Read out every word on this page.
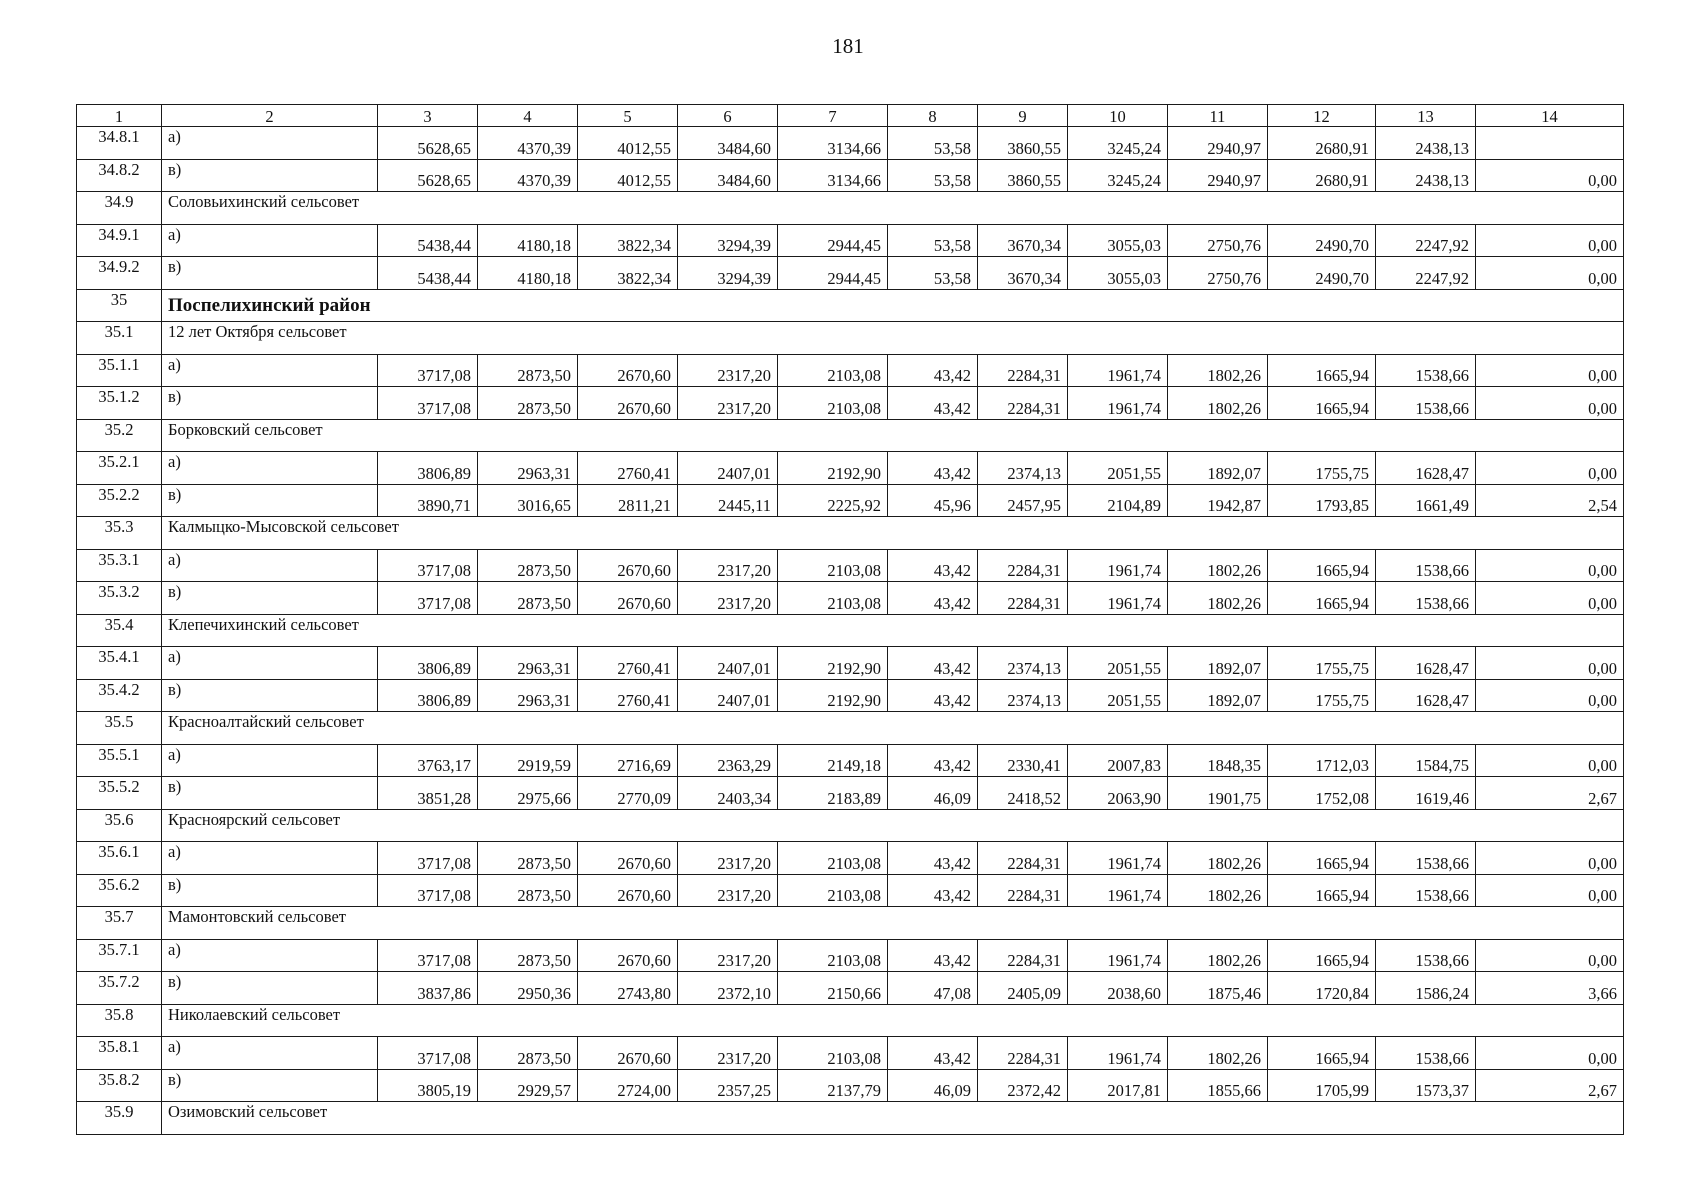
181
1	2	3	4	5	6	7	8	9	10	11	12	13	14
34.8.1	а)	5628,65	4370,39	4012,55	3484,60	3134,66	53,58	3860,55	3245,24	2940,97	2680,91	2438,13	
34.8.2	в)	5628,65	4370,39	4012,55	3484,60	3134,66	53,58	3860,55	3245,24	2940,97	2680,91	2438,13	0,00
34.9	Соловьихинский сельсовет												
34.9.1	а)	5438,44	4180,18	3822,34	3294,39	2944,45	53,58	3670,34	3055,03	2750,76	2490,70	2247,92	0,00
34.9.2	в)	5438,44	4180,18	3822,34	3294,39	2944,45	53,58	3670,34	3055,03	2750,76	2490,70	2247,92	0,00
35	Поспелихинский район												
35.1	12 лет Октября сельсовет												
35.1.1	а)	3717,08	2873,50	2670,60	2317,20	2103,08	43,42	2284,31	1961,74	1802,26	1665,94	1538,66	0,00
35.1.2	в)	3717,08	2873,50	2670,60	2317,20	2103,08	43,42	2284,31	1961,74	1802,26	1665,94	1538,66	0,00
35.2	Борковский сельсовет												
35.2.1	а)	3806,89	2963,31	2760,41	2407,01	2192,90	43,42	2374,13	2051,55	1892,07	1755,75	1628,47	0,00
35.2.2	в)	3890,71	3016,65	2811,21	2445,11	2225,92	45,96	2457,95	2104,89	1942,87	1793,85	1661,49	2,54
35.3	Калмыцко-Мысовской сельсовет												
35.3.1	а)	3717,08	2873,50	2670,60	2317,20	2103,08	43,42	2284,31	1961,74	1802,26	1665,94	1538,66	0,00
35.3.2	в)	3717,08	2873,50	2670,60	2317,20	2103,08	43,42	2284,31	1961,74	1802,26	1665,94	1538,66	0,00
35.4	Клепечихинский сельсовет												
35.4.1	а)	3806,89	2963,31	2760,41	2407,01	2192,90	43,42	2374,13	2051,55	1892,07	1755,75	1628,47	0,00
35.4.2	в)	3806,89	2963,31	2760,41	2407,01	2192,90	43,42	2374,13	2051,55	1892,07	1755,75	1628,47	0,00
35.5	Красноалтайский сельсовет												
35.5.1	а)	3763,17	2919,59	2716,69	2363,29	2149,18	43,42	2330,41	2007,83	1848,35	1712,03	1584,75	0,00
35.5.2	в)	3851,28	2975,66	2770,09	2403,34	2183,89	46,09	2418,52	2063,90	1901,75	1752,08	1619,46	2,67
35.6	Красноярский сельсовет												
35.6.1	а)	3717,08	2873,50	2670,60	2317,20	2103,08	43,42	2284,31	1961,74	1802,26	1665,94	1538,66	0,00
35.6.2	в)	3717,08	2873,50	2670,60	2317,20	2103,08	43,42	2284,31	1961,74	1802,26	1665,94	1538,66	0,00
35.7	Мамонтовский сельсовет												
35.7.1	а)	3717,08	2873,50	2670,60	2317,20	2103,08	43,42	2284,31	1961,74	1802,26	1665,94	1538,66	0,00
35.7.2	в)	3837,86	2950,36	2743,80	2372,10	2150,66	47,08	2405,09	2038,60	1875,46	1720,84	1586,24	3,66
35.8	Николаевский сельсовет												
35.8.1	а)	3717,08	2873,50	2670,60	2317,20	2103,08	43,42	2284,31	1961,74	1802,26	1665,94	1538,66	0,00
35.8.2	в)	3805,19	2929,57	2724,00	2357,25	2137,79	46,09	2372,42	2017,81	1855,66	1705,99	1573,37	2,67
35.9	Озимовский сельсовет												
